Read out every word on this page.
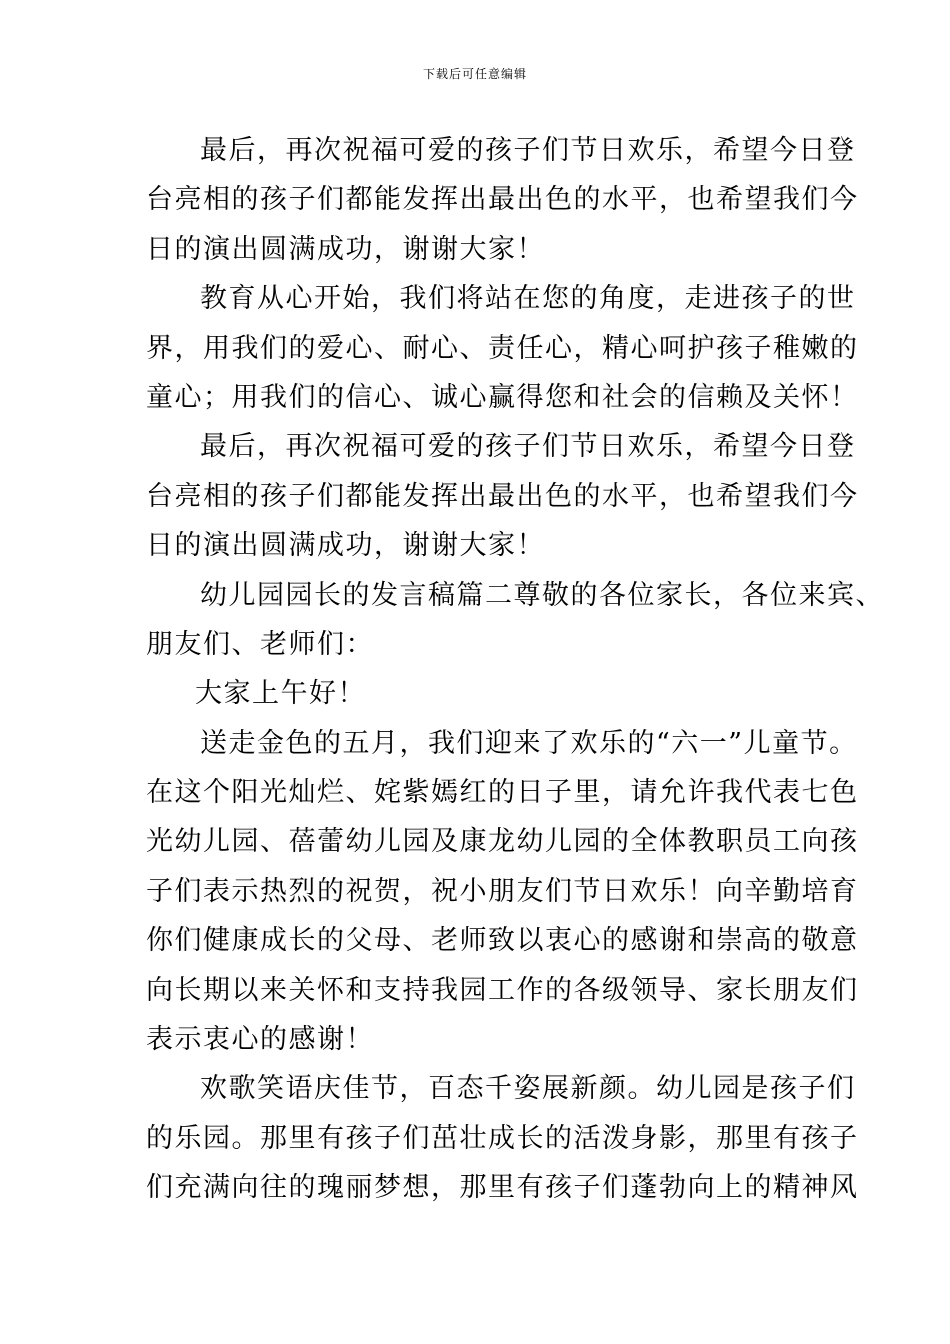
下载后可任意编辑
最后，再次祝福可爱的孩子们节日欢乐，希望今日登
台亮相的孩子们都能发挥出最出色的水平，也希望我们今
日的演出圆满成功，谢谢大家！
教育从心开始，我们将站在您的角度，走进孩子的世
界，用我们的爱心、耐心、责任心，精心呵护孩子稚嫩的
童心；用我们的信心、诚心赢得您和社会的信赖及关怀！
最后，再次祝福可爱的孩子们节日欢乐，希望今日登
台亮相的孩子们都能发挥出最出色的水平，也希望我们今
日的演出圆满成功，谢谢大家！
幼儿园园长的发言稿篇二尊敬的各位家长，各位来宾、
朋友们、老师们：
大家上午好！
送走金色的五月，我们迎来了欢乐的“六一”儿童节。
在这个阳光灿烂、姹紫嫣红的日子里，请允许我代表七色
光幼儿园、蓓蕾幼儿园及康龙幼儿园的全体教职员工向孩
子们表示热烈的祝贺，祝小朋友们节日欢乐！向辛勤培育
你们健康成长的父母、老师致以衷心的感谢和崇高的敬意
向长期以来关怀和支持我园工作的各级领导、家长朋友们
表示衷心的感谢！
欢歌笑语庆佳节，百态千姿展新颜。幼儿园是孩子们
的乐园。那里有孩子们茁壮成长的活泼身影，那里有孩子
们充满向往的瑰丽梦想，那里有孩子们蓬勃向上的精神风
